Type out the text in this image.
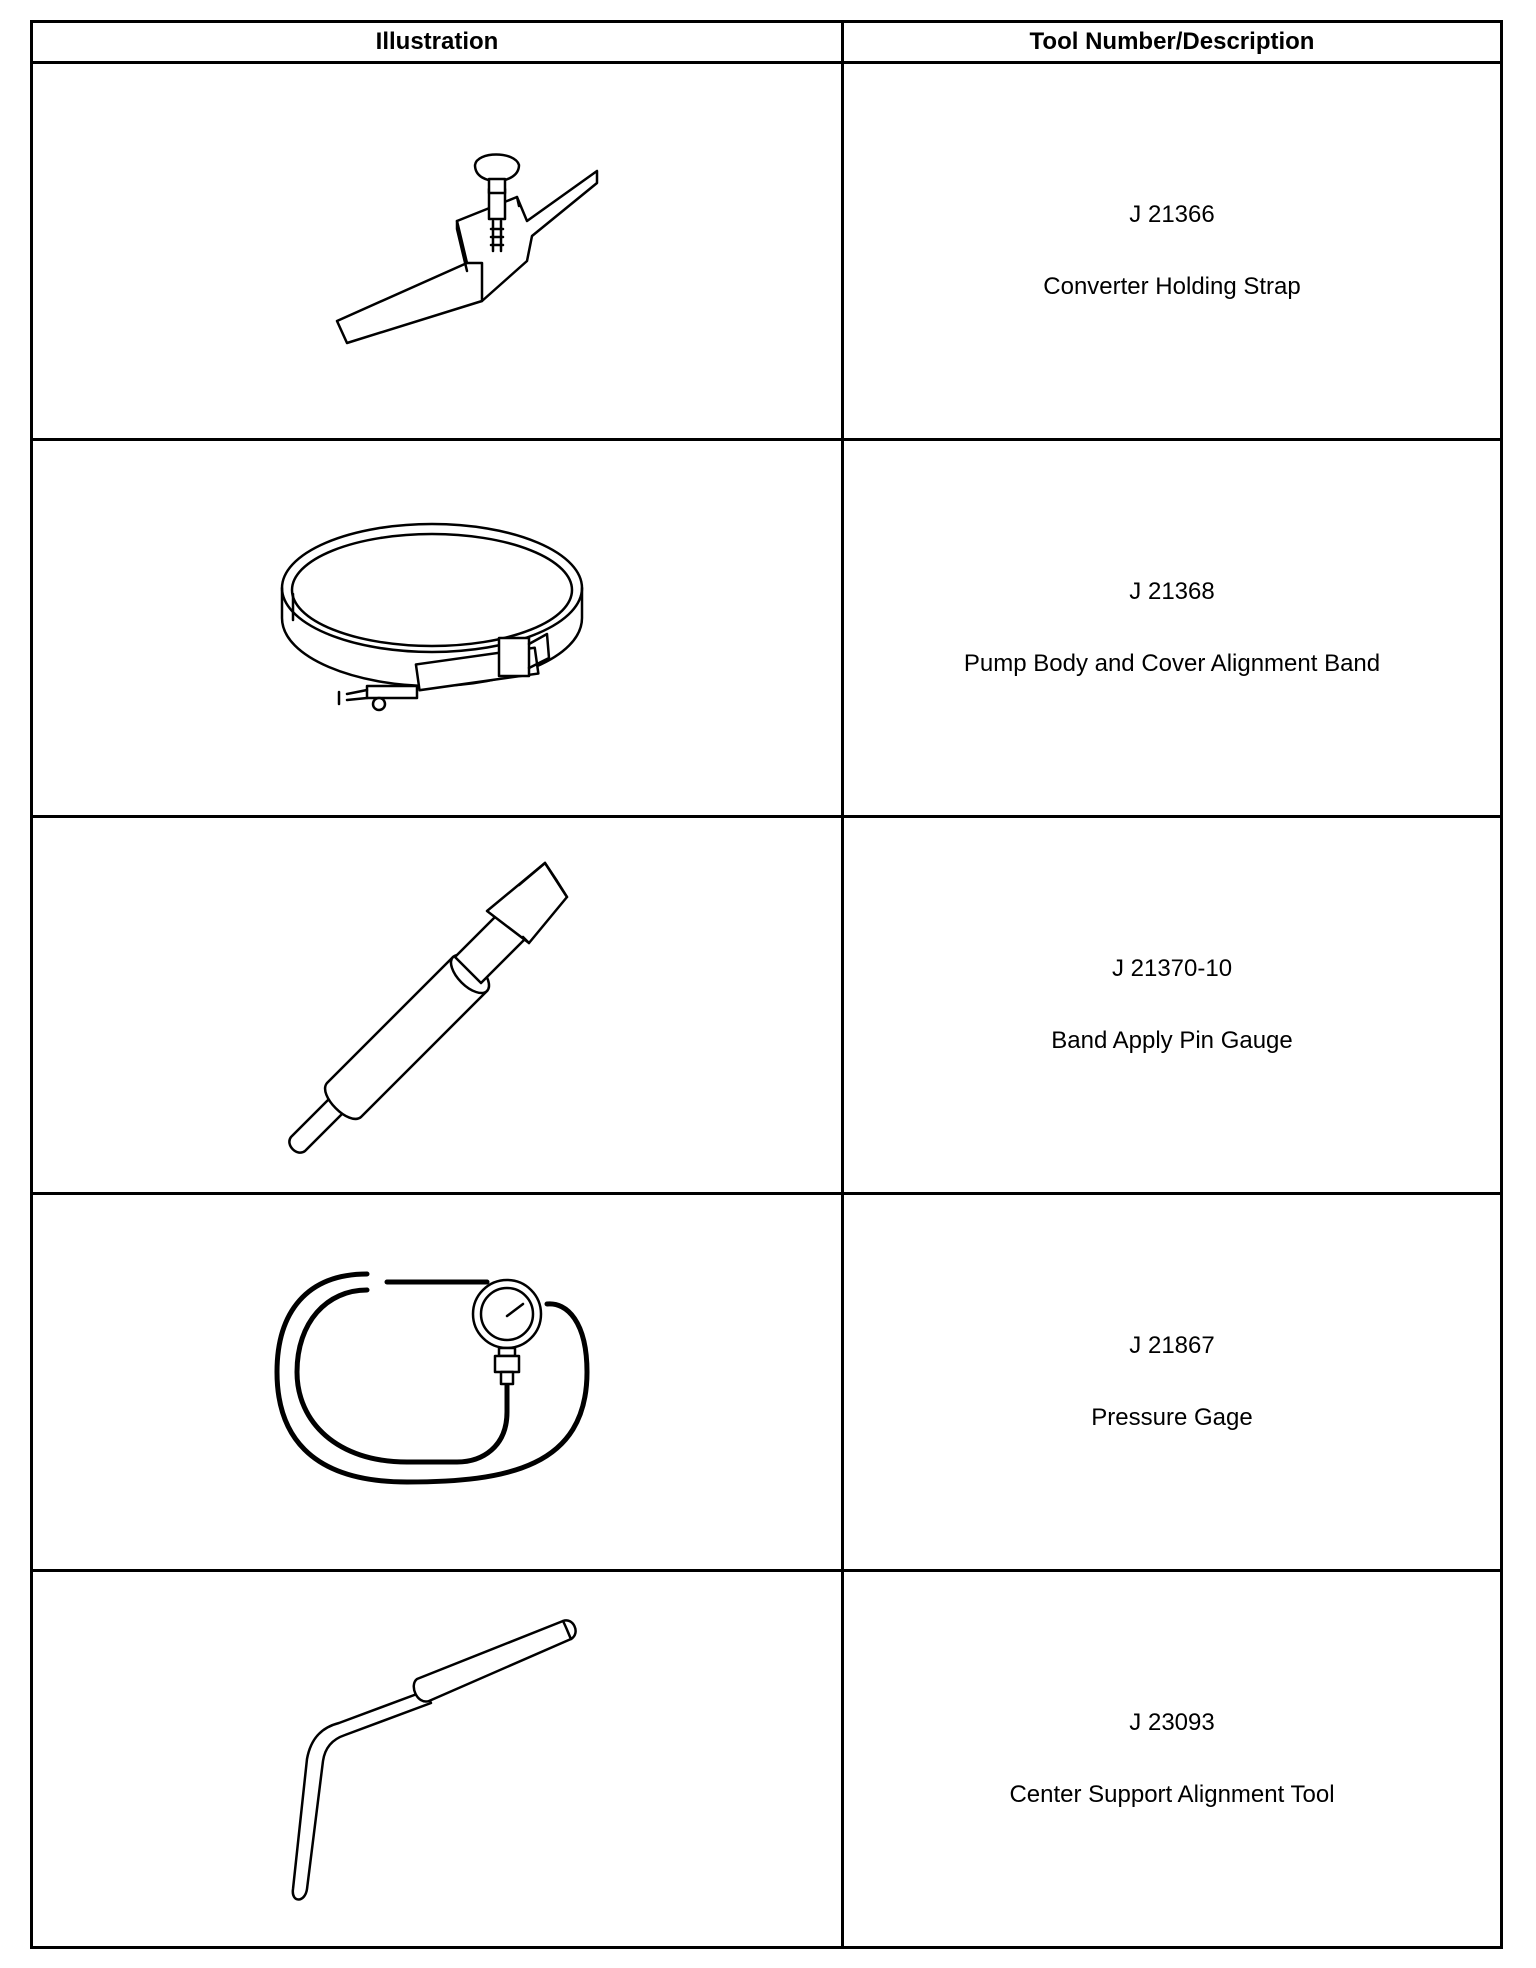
Illustration	Tool Number/Description

J 21366
Converter Holding Strap

J 21368
Pump Body and Cover Alignment Band

J 21370-10
Band Apply Pin Gauge

J 21867
Pressure Gage

J 23093
Center Support Alignment Tool
